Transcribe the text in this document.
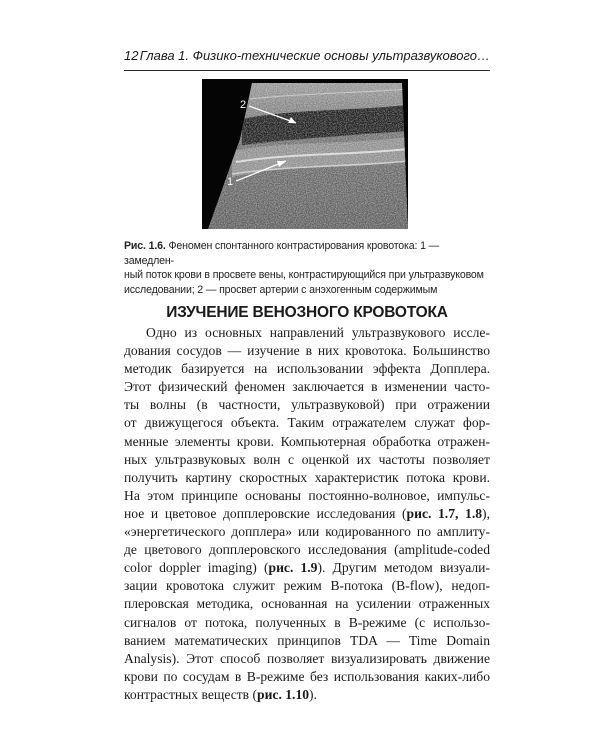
12 Глава 1. Физико-технические основы ультразвукового…
2
1
Рис. 1.6. Феномен спонтанного контрастирования кровотока: 1 — замедлен-
ный поток крови в просвете вены, контрастирующийся при ультразвуковом
исследовании; 2 — просвет артерии с анэхогенным содержимым
ИЗУЧЕНИЕ ВЕНОЗНОГО КРОВОТОКА
Одно из основных направлений ультразвукового иссле-
дования сосудов — изучение в них кровотока. Большинство
методик базируется на использовании эффекта Допплера.
Этот физический феномен заключается в изменении часто-
ты волны (в частности, ультразвуковой) при отражении
от движущегося объекта. Таким отражателем служат фор-
менные элементы крови. Компьютерная обработка отражен-
ных ультразвуковых волн с оценкой их частоты позволяет
получить картину скоростных характеристик потока крови.
На этом принципе основаны постоянно-волновое, импульс-
ное и цветовое допплеровские исследования (рис. 1.7, 1.8),
«энергетического допплера» или кодированного по амплиту-
де цветового допплеровского исследования (amplitude-coded
color doppler imaging) (рис. 1.9). Другим методом визуали-
зации кровотока служит режим В-потока (В-flow), недоп-
плеровская методика, основанная на усилении отраженных
сигналов от потока, полученных в В-режиме (с использо-
ванием математических принципов TDA — Time Domain
Analysis). Этот способ позволяет визуализировать движение
крови по сосудам в В-режиме без использования каких-либо
контрастных веществ (рис. 1.10).
